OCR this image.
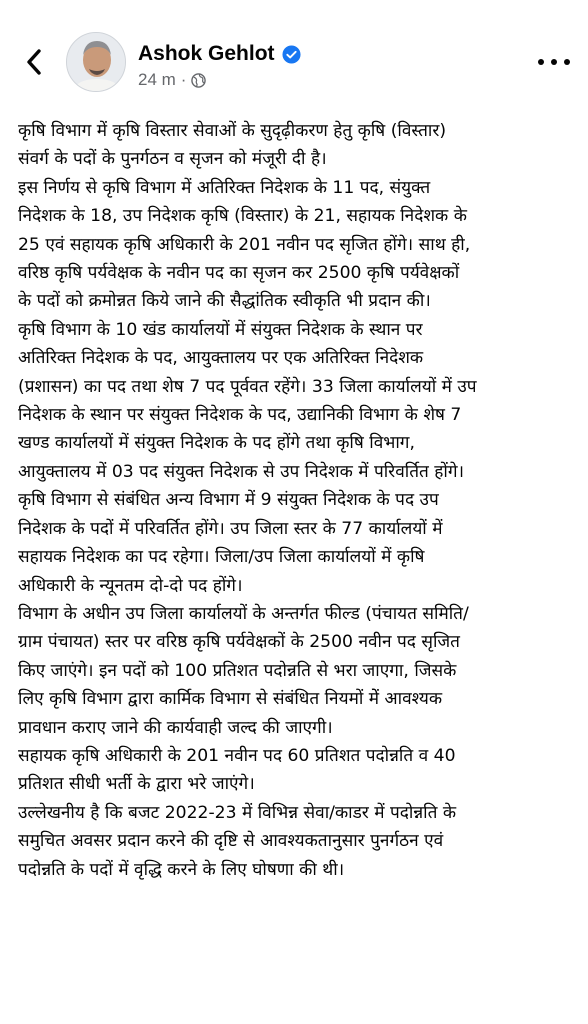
Ashok Gehlot
24 m ·

कृषि विभाग में कृषि विस्तार सेवाओं के सुदृढ़ीकरण हेतु कृषि (विस्तार)
संवर्ग के पदों के पुनर्गठन व सृजन को मंजूरी दी है।

इस निर्णय से कृषि विभाग में अतिरिक्त निदेशक के 11 पद, संयुक्त
निदेशक के 18, उप निदेशक कृषि (विस्तार) के 21, सहायक निदेशक के
25 एवं सहायक कृषि अधिकारी के 201 नवीन पद सृजित होंगे। साथ ही,
वरिष्ठ कृषि पर्यवेक्षक के नवीन पद का सृजन कर 2500 कृषि पर्यवेक्षकों
के पदों को क्रमोन्नत किये जाने की सैद्धांतिक स्वीकृति भी प्रदान की।

कृषि विभाग के 10 खंड कार्यालयों में संयुक्त निदेशक के स्थान पर
अतिरिक्त निदेशक के पद, आयुक्तालय पर एक अतिरिक्त निदेशक
(प्रशासन) का पद तथा शेष 7 पद पूर्ववत रहेंगे। 33 जिला कार्यालयों में उप
निदेशक के स्थान पर संयुक्त निदेशक के पद, उद्यानिकी विभाग के शेष 7
खण्ड कार्यालयों में संयुक्त निदेशक के पद होंगे तथा कृषि विभाग,
आयुक्तालय में 03 पद संयुक्त निदेशक से उप निदेशक में परिवर्तित होंगे।

कृषि विभाग से संबंधित अन्य विभाग में 9 संयुक्त निदेशक के पद उप
निदेशक के पदों में परिवर्तित हाेंगे। उप जिला स्तर के 77 कार्यालयों में
सहायक निदेशक का पद रहेगा। जिला/उप जिला कार्यालयों में कृषि
अधिकारी के न्यूनतम दो-दो पद होंगे।

विभाग के अधीन उप जिला कार्यालयों के अन्तर्गत फील्ड (पंचायत समिति/
ग्राम पंचायत) स्तर पर वरिष्ठ कृषि पर्यवेक्षकों के 2500 नवीन पद सृजित
किए जाएंगे। इन पदों को 100 प्रतिशत पदोन्नति से भरा जाएगा, जिसके
लिए कृषि विभाग द्वारा कार्मिक विभाग से संबंधित नियमों मेें आवश्यक
प्रावधान कराए जाने की कार्यवाही जल्द की जाएगी।

सहायक कृषि अधिकारी के 201 नवीन पद 60 प्रतिशत पदोन्नति व 40
प्रतिशत सीधी भर्ती के द्वारा भरे जाएंगे।

उल्लेखनीय है कि बजट 2022-23 में विभिन्न सेवा/काडर में पदोन्नति के
समुचित अवसर प्रदान करने की दृष्टि से आवश्यकतानुसार पुनर्गठन एवं
पदोन्नति के पदों में वृद्धि करने के लिए घोषणा की थी।
